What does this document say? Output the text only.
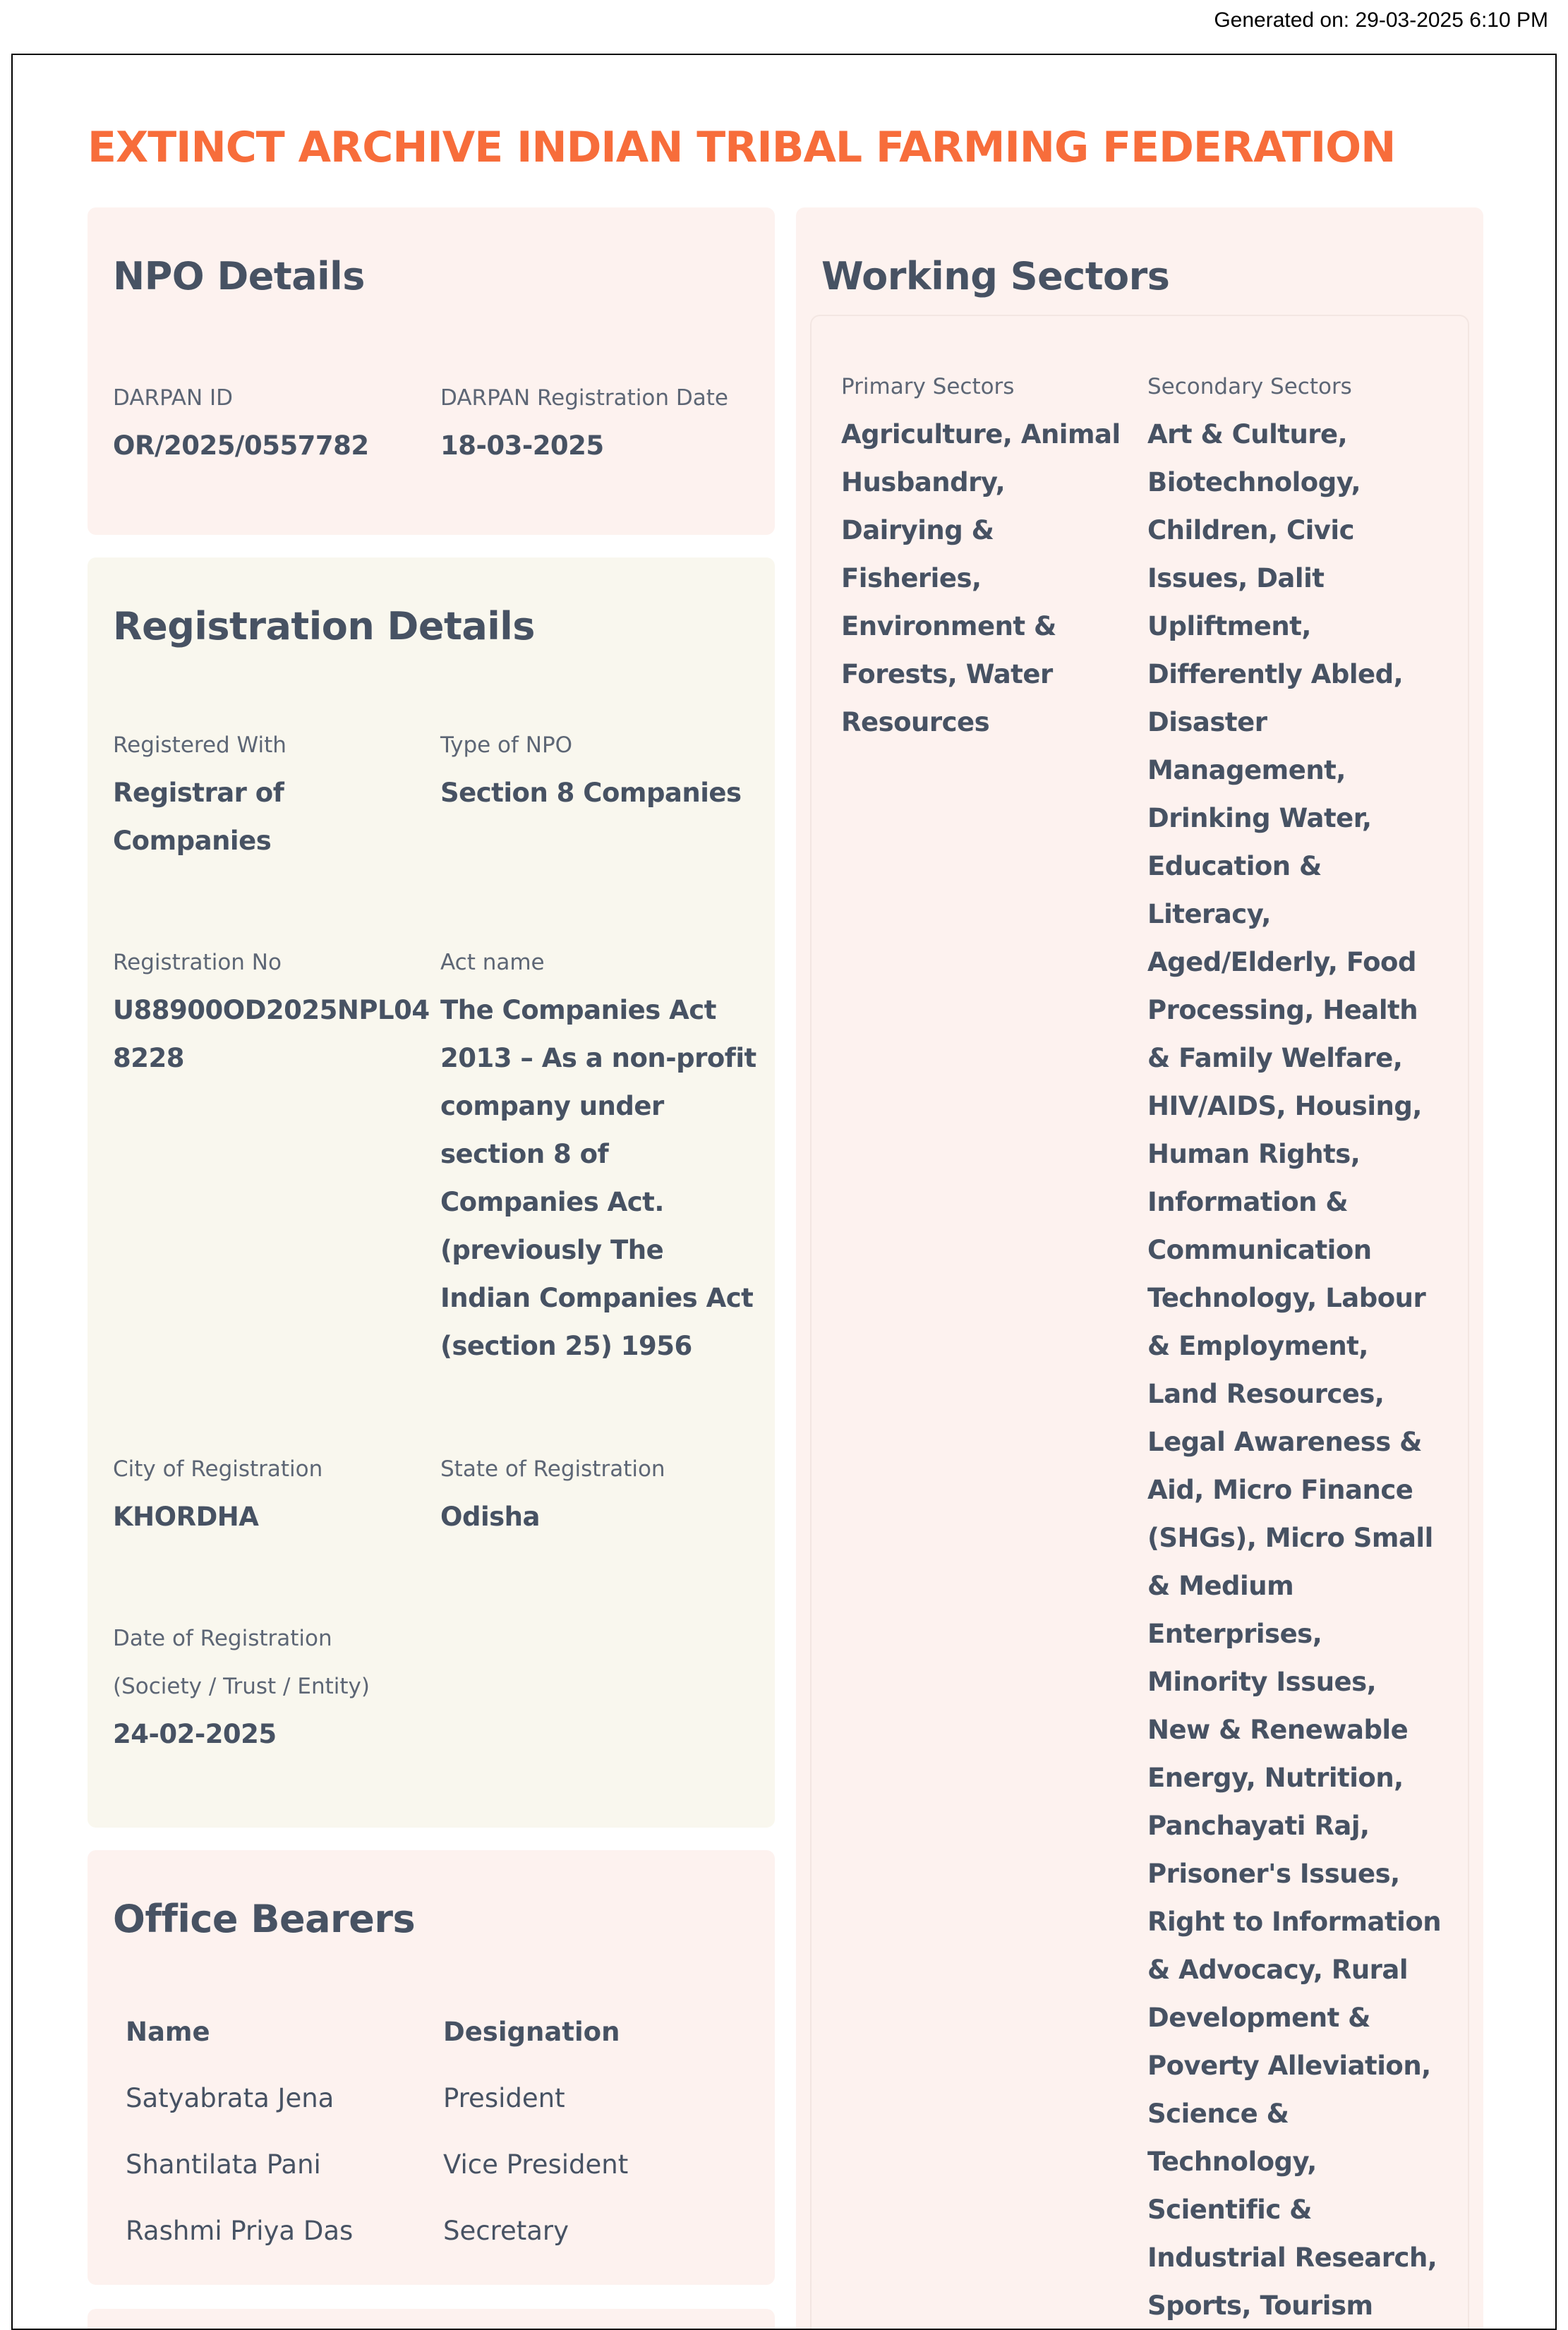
Generated on: 29-03-2025 6:10 PM
EXTINCT ARCHIVE INDIAN TRIBAL FARMING FEDERATION
NPO Details
DARPAN ID
OR/2025/0557782
DARPAN Registration Date
18-03-2025
Registration Details
Registered With
Registrar of
Companies
Type of NPO
Section 8 Companies
Registration No
U88900OD2025NPL04
8228
Act name
The Companies Act
2013 – As a non-profit
company under
section 8 of
Companies Act.
(previously The
Indian Companies Act
(section 25) 1956
City of Registration
KHORDHA
State of Registration
Odisha
Date of Registration
(Society / Trust / Entity)
24-02-2025
Office Bearers
Name	Designation
Satyabrata Jena	President
Shantilata Pani	Vice President
Rashmi Priya Das	Secretary
Working Sectors
Primary Sectors
Agriculture, Animal
Husbandry,
Dairying &
Fisheries,
Environment &
Forests, Water
Resources
Secondary Sectors
Art & Culture,
Biotechnology,
Children, Civic
Issues, Dalit
Upliftment,
Differently Abled,
Disaster
Management,
Drinking Water,
Education &
Literacy,
Aged/Elderly, Food
Processing, Health
& Family Welfare,
HIV/AIDS, Housing,
Human Rights,
Information &
Communication
Technology, Labour
& Employment,
Land Resources,
Legal Awareness &
Aid, Micro Finance
(SHGs), Micro Small
& Medium
Enterprises,
Minority Issues,
New & Renewable
Energy, Nutrition,
Panchayati Raj,
Prisoner's Issues,
Right to Information
& Advocacy, Rural
Development &
Poverty Alleviation,
Science &
Technology,
Scientific &
Industrial Research,
Sports, Tourism
